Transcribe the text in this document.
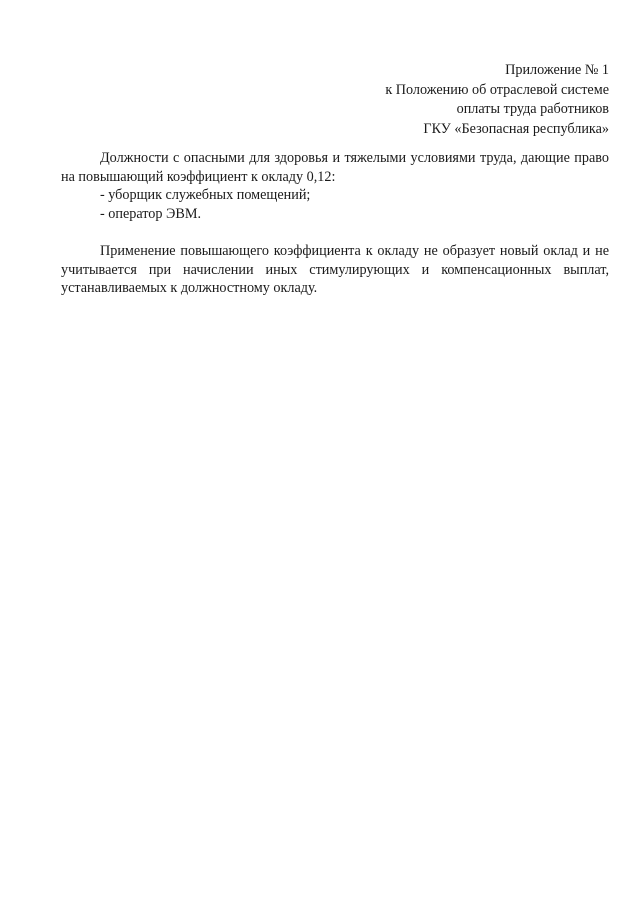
Приложение № 1
к Положению об отраслевой системе
оплаты труда работников
ГКУ «Безопасная республика»

Должности с опасными для здоровья и тяжелыми условиями труда, дающие право на повышающий коэффициент к окладу 0,12:

- уборщик служебных помещений;

- оператор ЭВМ.

Применение повышающего коэффициента к окладу не образует новый оклад и не учитывается при начислении иных стимулирующих и компенсационных выплат, устанавливаемых к должностному окладу.
